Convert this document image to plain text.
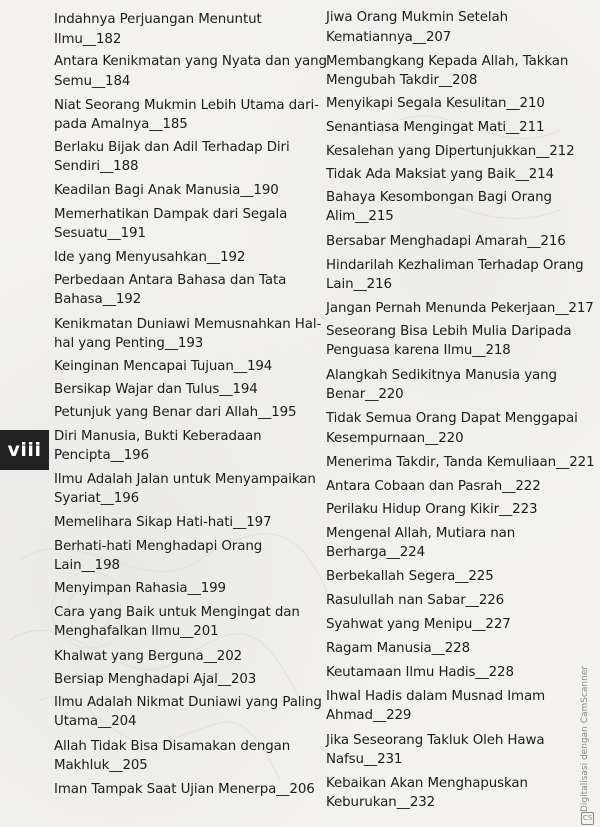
viii

Indahnya Perjuangan Menuntut

Ilmu__182

Antara Kenikmatan yang Nyata dan yang

Semu__184

Niat Seorang Mukmin Lebih Utama dari-

pada Amalnya__185

Berlaku Bijak dan Adil Terhadap Diri

Sendiri__188

Keadilan Bagi Anak Manusia__190

Memerhatikan Dampak dari Segala

Sesuatu__191

Ide yang Menyusahkan__192

Perbedaan Antara Bahasa dan Tata

Bahasa__192

Kenikmatan Duniawi Memusnahkan Hal-

hal yang Penting__193

Keinginan Mencapai Tujuan__194

Bersikap Wajar dan Tulus__194

Petunjuk yang Benar dari Allah__195

Diri Manusia, Bukti Keberadaan

Pencipta__196

Ilmu Adalah Jalan untuk Menyampaikan

Syariat__196

Memelihara Sikap Hati-hati__197

Berhati-hati Menghadapi Orang

Lain__198

Menyimpan Rahasia__199

Cara yang Baik untuk Mengingat dan

Menghafalkan Ilmu__201

Khalwat yang Berguna__202

Bersiap Menghadapi Ajal__203

Ilmu Adalah Nikmat Duniawi yang Paling

Utama__204

Allah Tidak Bisa Disamakan dengan

Makhluk__205

Iman Tampak Saat Ujian Menerpa__206

Jiwa Orang Mukmin Setelah

Kematiannya__207

Membangkang Kepada Allah, Takkan

Mengubah Takdir__208

Menyikapi Segala Kesulitan__210

Senantiasa Mengingat Mati__211

Kesalehan yang Dipertunjukkan__212

Tidak Ada Maksiat yang Baik__214

Bahaya Kesombongan Bagi Orang

Alim__215

Bersabar Menghadapi Amarah__216

Hindarilah Kezhaliman Terhadap Orang

Lain__216

Jangan Pernah Menunda Pekerjaan__217

Seseorang Bisa Lebih Mulia Daripada

Penguasa karena Ilmu__218

Alangkah Sedikitnya Manusia yang

Benar__220

Tidak Semua Orang Dapat Menggapai

Kesempurnaan__220

Menerima Takdir, Tanda Kemuliaan__221

Antara Cobaan dan Pasrah__222

Perilaku Hidup Orang Kikir__223

Mengenal Allah, Mutiara nan

Berharga__224

Berbekallah Segera__225

Rasulullah nan Sabar__226

Syahwat yang Menipu__227

Ragam Manusia__228

Keutamaan Ilmu Hadis__228

Ihwal Hadis dalam Musnad Imam

Ahmad__229

Jika Seseorang Takluk Oleh Hawa

Nafsu__231

Kebaikan Akan Menghapuskan

Keburukan__232

CS
Digitalisasi dengan CamScanner
